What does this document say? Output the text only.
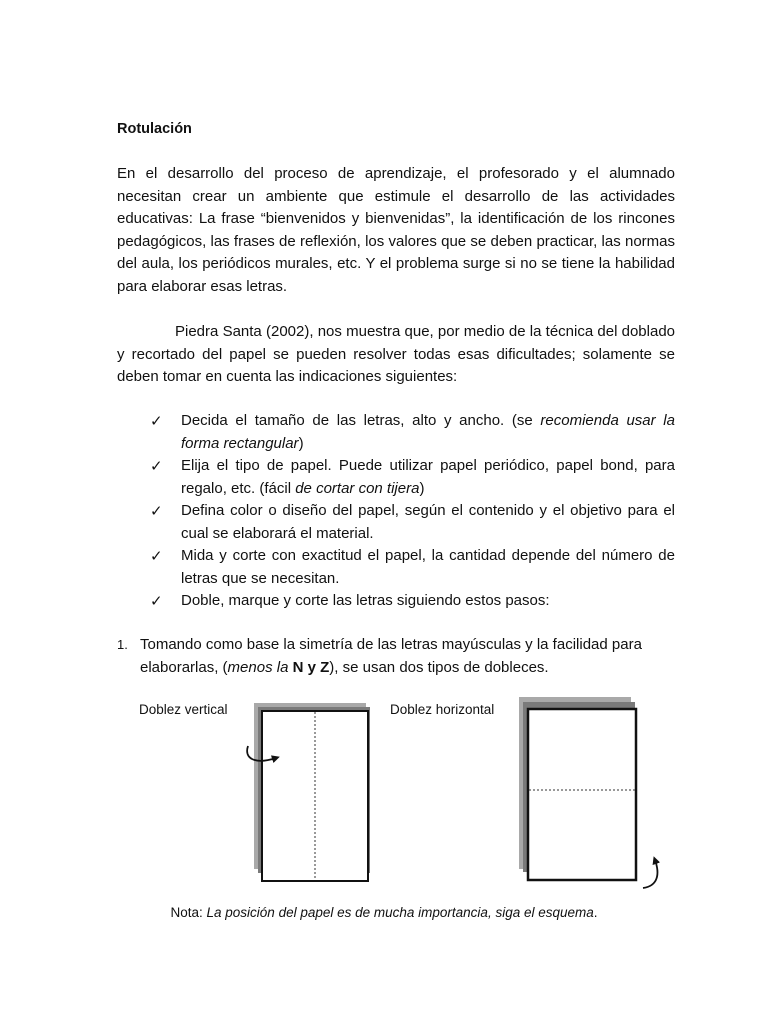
Rotulación

En el desarrollo del proceso de aprendizaje, el profesorado y el alumnado necesitan crear un ambiente que estimule el desarrollo de las actividades educativas: La frase “bienvenidos y bienvenidas”, la identificación de los rincones pedagógicos, las frases de reflexión, los valores que se deben practicar, las normas del aula, los periódicos murales, etc. Y el problema surge si no se tiene la habilidad para elaborar esas letras.

Piedra Santa (2002), nos muestra que, por medio de la técnica del doblado y recortado del papel se pueden resolver todas esas dificultades; solamente se deben tomar en cuenta las indicaciones siguientes:

✓ Decida el tamaño de las letras, alto y ancho. (se recomienda usar la forma rectangular)
✓ Elija el tipo de papel. Puede utilizar papel periódico, papel bond, para regalo, etc. (fácil de cortar con tijera)
✓ Defina color o diseño del papel, según el contenido y el objetivo para el cual se elaborará el material.
✓ Mida y corte con exactitud el papel, la cantidad depende del número de letras que se necesitan.
✓ Doble, marque y corte las letras siguiendo estos pasos:
1. Tomando como base la simetría de las letras mayúsculas y la facilidad para elaborarlas, (menos la N y Z), se usan dos tipos de dobleces.
Doblez vertical	Doblez horizontal
Nota: La posición del papel es de mucha importancia, siga el esquema.
